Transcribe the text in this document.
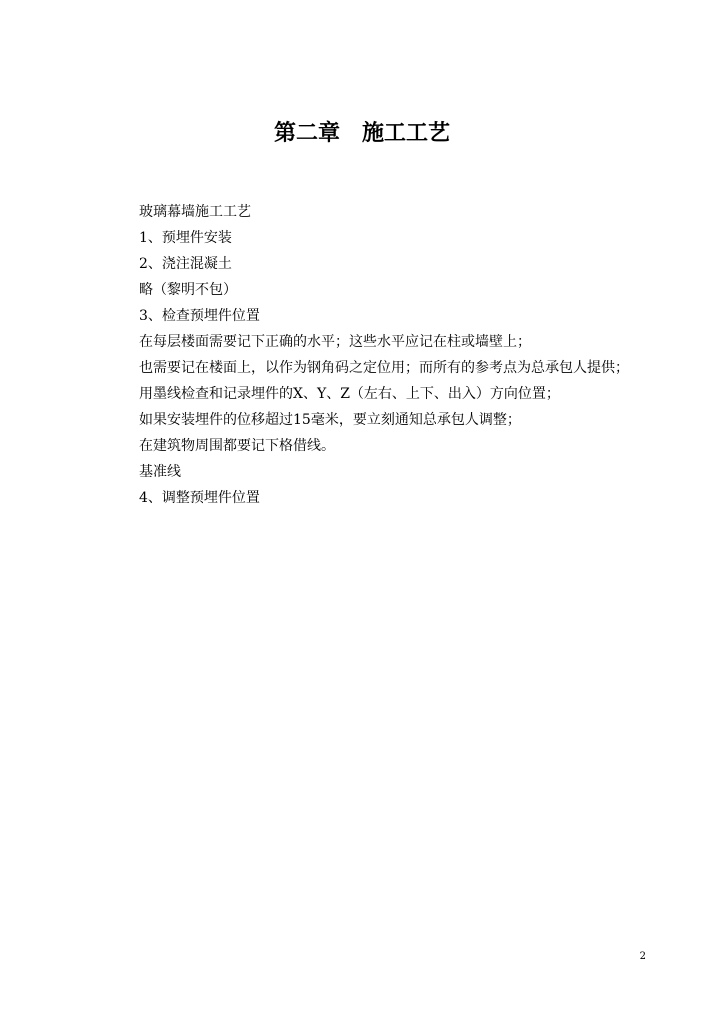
第二章　施工工艺
玻璃幕墙施工工艺
1、预埋件安装
2、浇注混凝土
略（黎明不包）
3、检查预埋件位置
在每层楼面需要记下正确的水平；这些水平应记在柱或墙壁上；
也需要记在楼面上，以作为钢角码之定位用；而所有的参考点为总承包人提供；
用墨线检查和记录埋件的X、Y、Z（左右、上下、出入）方向位置；
如果安装埋件的位移超过15毫米，要立刻通知总承包人调整；
在建筑物周围都要记下格借线。
基准线
4、调整预埋件位置
2
